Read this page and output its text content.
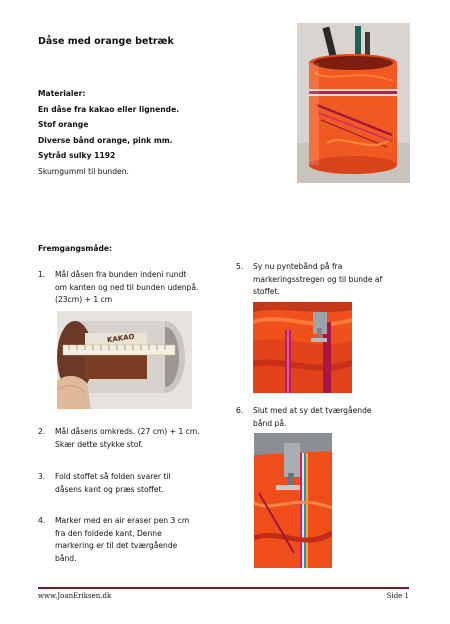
Dåse med orange betræk
Materialer:
En dåse fra kakao eller lignende.
Stof orange
Diverse bånd orange, pink mm.
Sytråd sulky 1192
Skumgummi til bunden.
Fremgangsmåde:
1. Mål dåsen fra bunden indeni rundt
om kanten og ned til bunden udenpå.
(23cm) + 1 cm
KAKAO
2. Mål dåsens omkreds. (27 cm) + 1 cm.
Skær dette stykke stof.
3. Fold stoffet så folden svarer til
dåsens kant og præs stoffet.
4. Marker med en air eraser pen 3 cm
fra den foldede kant, Denne
markering er til det tværgående
bånd.
5. Sy nu pyntebånd på fra
markeringsstregen og til bunde af
stoffet.
6. Slut med at sy det tværgående
bånd på.
www.JoanEriksen.dk	Side 1
